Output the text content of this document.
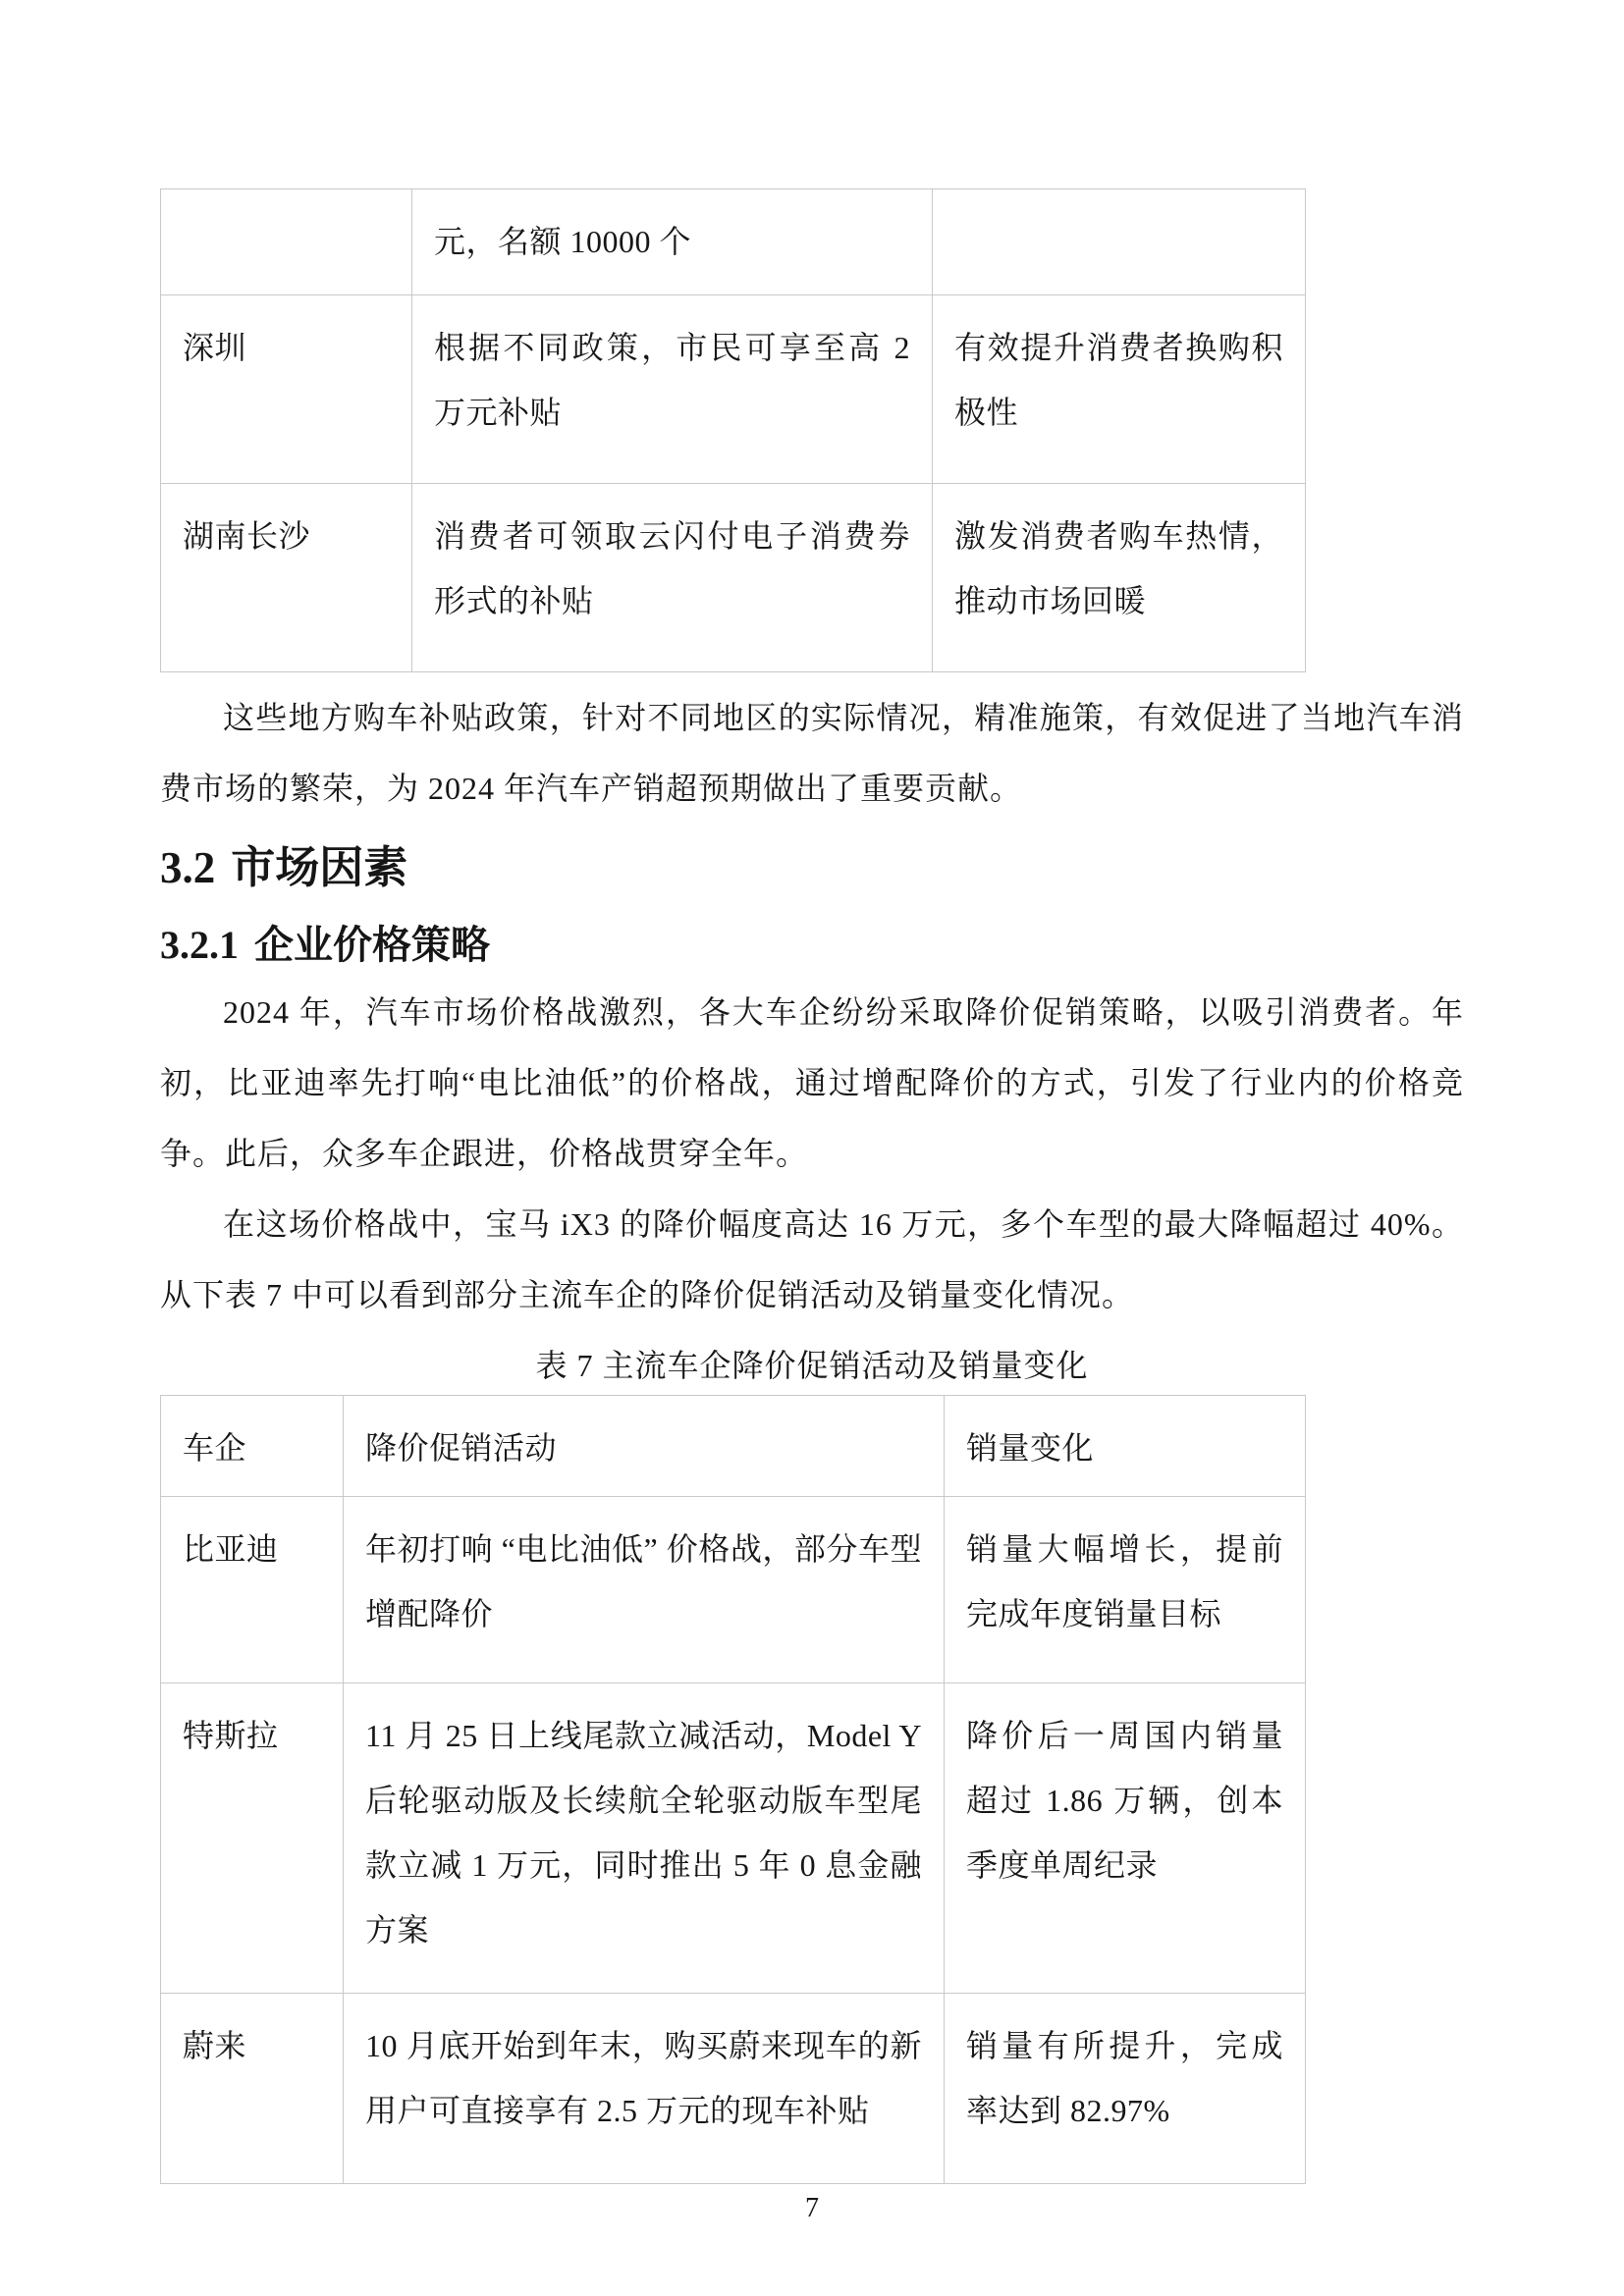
	元，名额 10000 个	
深圳	根据不同政策，市民可享至高 2 万元补贴	有效提升消费者换购积极性
湖南长沙	消费者可领取云闪付电子消费券形式的补贴	激发消费者购车热情，推动市场回暖

这些地方购车补贴政策，针对不同地区的实际情况，精准施策，有效促进了当地汽车消费市场的繁荣，为 2024 年汽车产销超预期做出了重要贡献。

3.2 市场因素
3.2.1 企业价格策略

2024 年，汽车市场价格战激烈，各大车企纷纷采取降价促销策略，以吸引消费者。年初，比亚迪率先打响“电比油低”的价格战，通过增配降价的方式，引发了行业内的价格竞争。此后，众多车企跟进，价格战贯穿全年。

在这场价格战中，宝马 iX3 的降价幅度高达 16 万元，多个车型的最大降幅超过 40%。从下表 7 中可以看到部分主流车企的降价促销活动及销量变化情况。

表 7 主流车企降价促销活动及销量变化
车企	降价促销活动	销量变化
比亚迪	年初打响 “电比油低” 价格战，部分车型增配降价	销量大幅增长，提前完成年度销量目标
特斯拉	11 月 25 日上线尾款立减活动，Model Y 后轮驱动版及长续航全轮驱动版车型尾款立减 1 万元，同时推出 5 年 0 息金融方案	降价后一周国内销量超过 1.86 万辆，创本季度单周纪录
蔚来	10 月底开始到年末，购买蔚来现车的新用户可直接享有 2.5 万元的现车补贴	销量有所提升，完成率达到 82.97%
7
